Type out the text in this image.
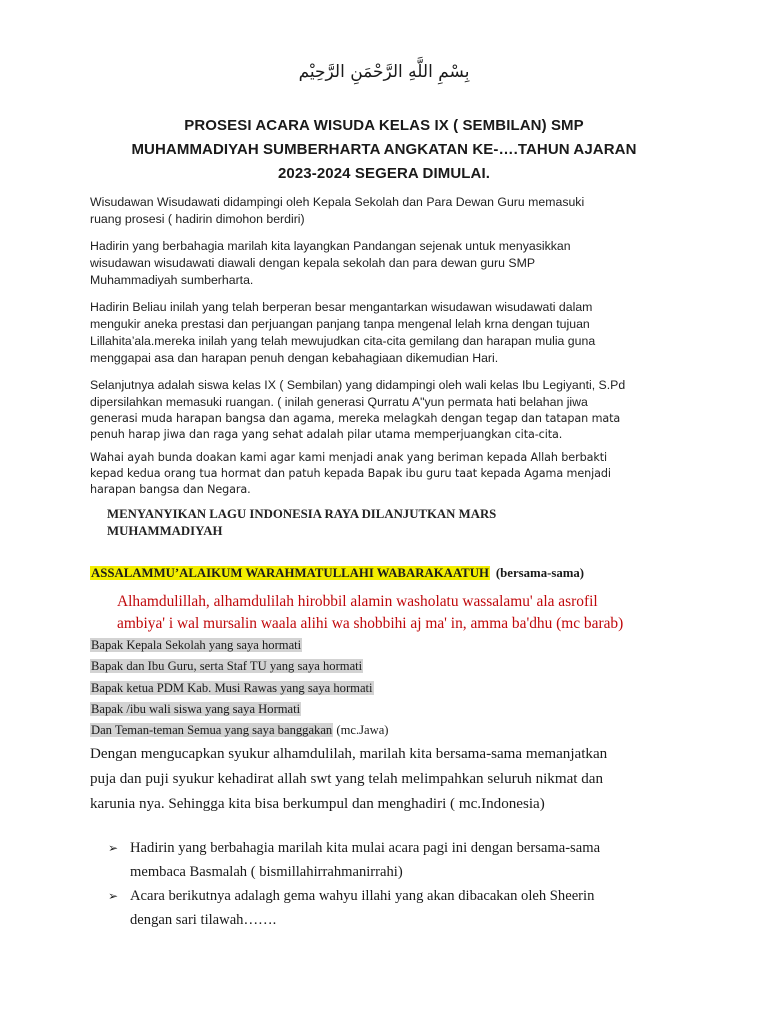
بِسْمِ اللَّهِ الرَّحْمَنِ الرَّحِيْم
PROSESI ACARA WISUDA KELAS IX ( SEMBILAN) SMP
MUHAMMADIYAH SUMBERHARTA ANGKATAN KE-….TAHUN AJARAN
2023-2024 SEGERA DIMULAI.
Wisudawan Wisudawati didampingi oleh Kepala Sekolah dan Para Dewan Guru memasuki
ruang prosesi ( hadirin dimohon berdiri)
Hadirin yang berbahagia marilah kita layangkan Pandangan sejenak untuk menyasikkan
wisudawan wisudawati diawali dengan kepala sekolah dan para dewan guru SMP
Muhammadiyah sumberharta.
Hadirin Beliau inilah yang telah berperan besar mengantarkan wisudawan wisudawati dalam
mengukir aneka prestasi dan perjuangan panjang tanpa mengenal lelah krna dengan tujuan
Lillahita’ala.mereka inilah yang telah mewujudkan cita-cita gemilang dan harapan mulia guna
menggapai asa dan harapan penuh dengan kebahagiaan dikemudian Hari.
Selanjutnya adalah siswa kelas IX ( Sembilan) yang didampingi oleh wali kelas Ibu Legiyanti, S.Pd
dipersilahkan memasuki ruangan. ( inilah generasi Qurratu A"yun permata hati belahan jiwa
generasi muda harapan bangsa dan agama, mereka melagkah dengan tegap dan tatapan mata
penuh harap jiwa dan raga yang sehat adalah pilar utama memperjuangkan cita-cita.
Wahai ayah bunda doakan kami agar kami menjadi anak yang beriman kepada Allah berbakti
kepad kedua orang tua hormat dan patuh kepada Bapak ibu guru taat kepada Agama menjadi
harapan bangsa dan Negara.
MENYANYIKAN LAGU INDONESIA RAYA DILANJUTKAN MARS
MUHAMMADIYAH
ASSALAMMU’ALAIKUM WARAHMATULLAHI WABARAKAATUH (bersama-sama)
Alhamdulillah, alhamdulilah hirobbil alamin washolatu wassalamu' ala asrofil
ambiya' i wal mursalin waala alihi wa shobbihi aj ma' in, amma ba'dhu (mc barab)
Bapak Kepala Sekolah yang saya hormati
Bapak dan Ibu Guru, serta Staf TU yang saya hormati
Bapak ketua PDM Kab. Musi Rawas yang saya hormati
Bapak /ibu wali siswa yang saya Hormati
Dan Teman-teman Semua yang saya banggakan (mc.Jawa)
Dengan mengucapkan syukur alhamdulilah, marilah kita bersama-sama memanjatkan
puja dan puji syukur kehadirat allah swt yang telah melimpahkan seluruh nikmat dan
karunia nya. Sehingga kita bisa berkumpul dan menghadiri ( mc.Indonesia)
➢ Hadirin yang berbahagia marilah kita mulai acara pagi ini dengan bersama-sama
membaca Basmalah ( bismillahirrahmanirrahi)
➢ Acara berikutnya adalagh gema wahyu illahi yang akan dibacakan oleh Sheerin
dengan sari tilawah…….
